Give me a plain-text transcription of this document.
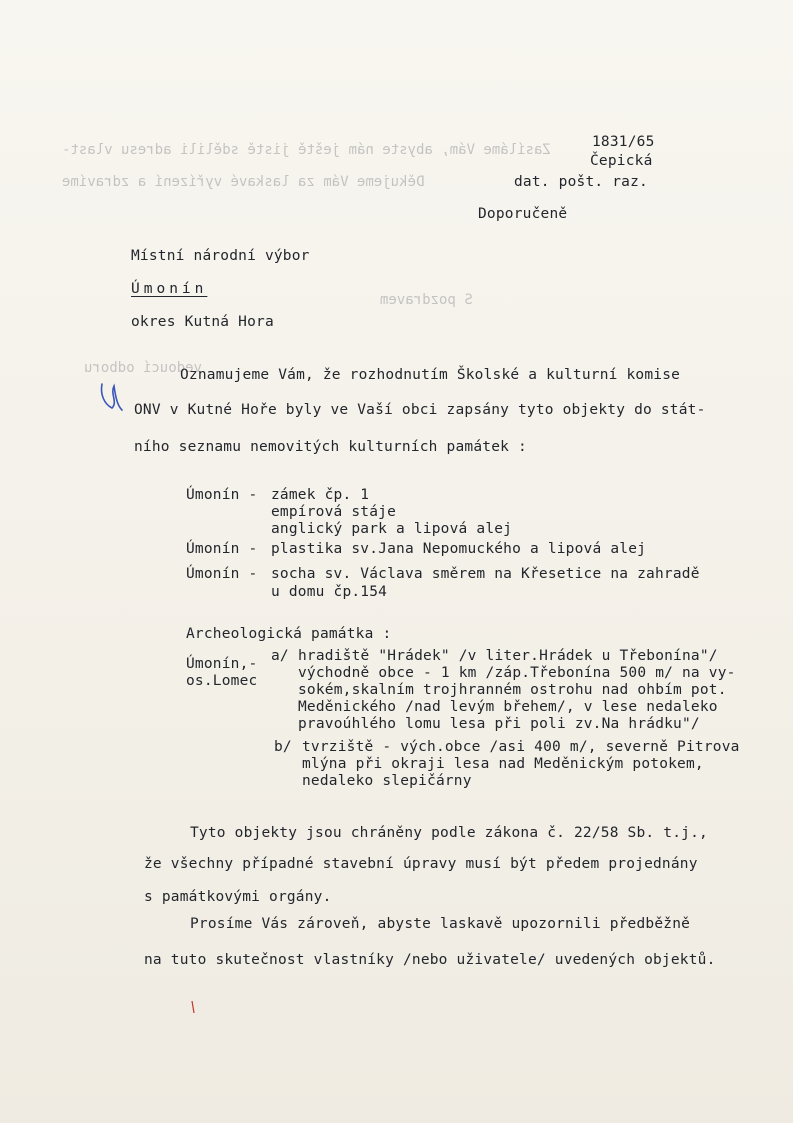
Zasíláme Vám, abyste nám ještě jistě sdělili adresu vlast-
Děkujeme Vám za laskavé vyřízení a zdravíme
S pozdravem
vedoucí odboru
1831/65
Čepická
dat. pošt. raz.
Doporučeně
Místní národní výbor
Úmonín
okres Kutná Hora
Oznamujeme Vám, že rozhodnutím Školské a kulturní komise
ONV v Kutné Hoře byly ve Vaší obci zapsány tyto objekty do stát-
ního seznamu nemovitých kulturních památek :
Úmonín - zámek čp. 1
empírová stáje
anglický park a lipová alej
Úmonín - plastika sv.Jana Nepomuckého a lipová alej
Úmonín - socha sv. Václava směrem na Křesetice na zahradě
u domu čp.154
Archeologická památka :
Úmonín,-
os.Lomec
a/ hradiště "Hrádek" /v liter.Hrádek u Třebonína"/
východně obce - 1 km /záp.Třebonína 500 m/ na vy-
sokém,skalním trojhranném ostrohu nad ohbím pot.
Meděnického /nad levým břehem/, v lese nedaleko
pravoúhlého lomu lesa při poli zv.Na hrádku"/
b/ tvrziště - vých.obce /asi 400 m/, severně Pitrova
mlýna při okraji lesa nad Meděnickým potokem,
nedaleko slepičárny
Tyto objekty jsou chráněny podle zákona č. 22/58 Sb. t.j.,
že všechny případné stavební úpravy musí být předem projednány
s památkovými orgány.
Prosíme Vás zároveň, abyste laskavě upozornili předběžně
na tuto skutečnost vlastníky /nebo uživatele/ uvedených objektů.
